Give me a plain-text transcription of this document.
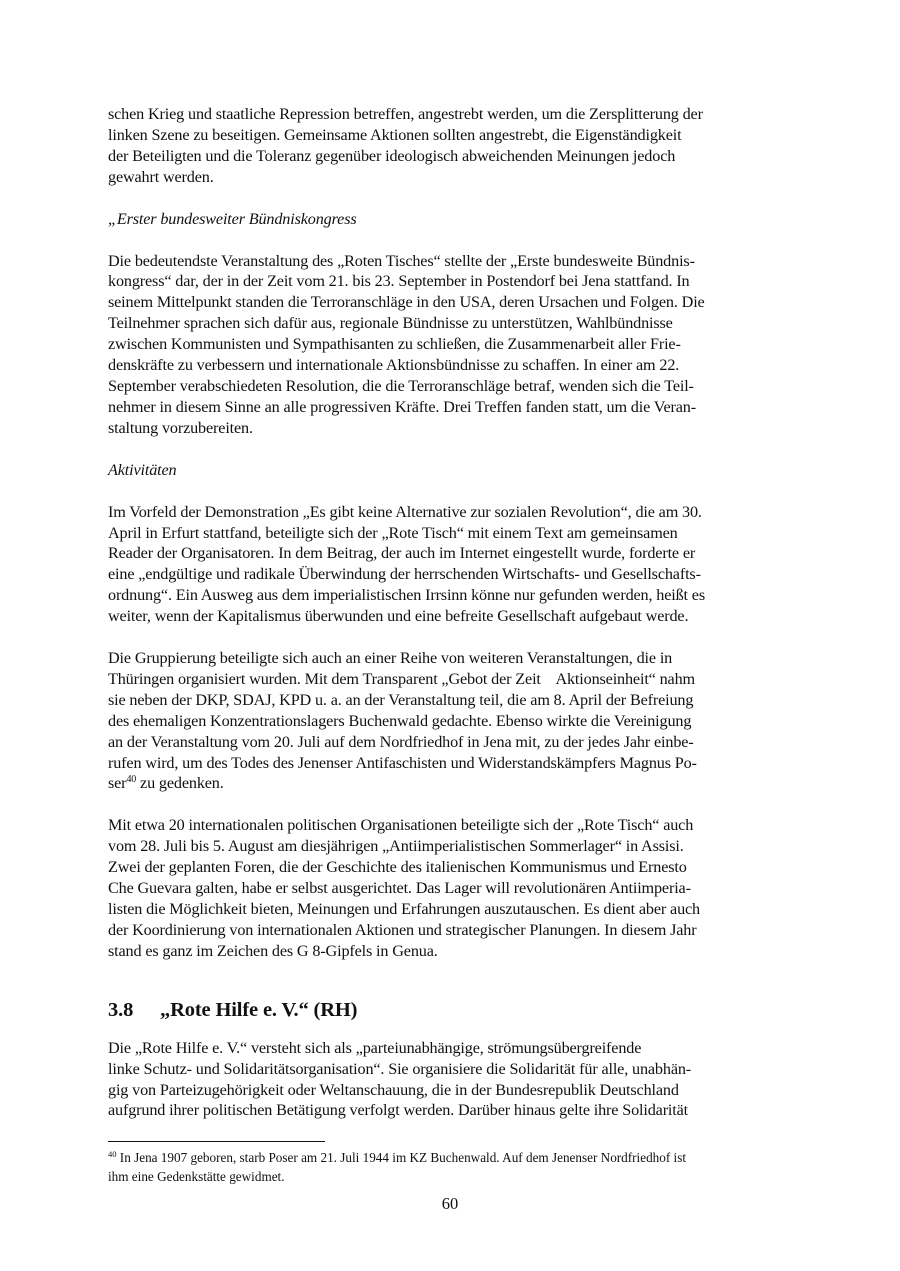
schen Krieg und staatliche Repression betreffen, angestrebt werden, um die Zersplitterung der
linken Szene zu beseitigen. Gemeinsame Aktionen sollten angestrebt, die Eigenständigkeit
der Beteiligten und die Toleranz gegenüber ideologisch abweichenden Meinungen jedoch
gewahrt werden.

„Erster bundesweiter Bündniskongress

Die bedeutendste Veranstaltung des „Roten Tisches“ stellte der „Erste bundesweite Bündnis-
kongress“ dar, der in der Zeit vom 21. bis 23. September in Postendorf bei Jena stattfand. In
seinem Mittelpunkt standen die Terroranschläge in den USA, deren Ursachen und Folgen. Die
Teilnehmer sprachen sich dafür aus, regionale Bündnisse zu unterstützen, Wahlbündnisse
zwischen Kommunisten und Sympathisanten zu schließen, die Zusammenarbeit aller Frie-
denskräfte zu verbessern und internationale Aktionsbündnisse zu schaffen. In einer am 22.
September verabschiedeten Resolution, die die Terroranschläge betraf, wenden sich die Teil-
nehmer in diesem Sinne an alle progressiven Kräfte. Drei Treffen fanden statt, um die Veran-
staltung vorzubereiten.

Aktivitäten

Im Vorfeld der Demonstration „Es gibt keine Alternative zur sozialen Revolution“, die am 30.
April in Erfurt stattfand, beteiligte sich der „Rote Tisch“ mit einem Text am gemeinsamen
Reader der Organisatoren. In dem Beitrag, der auch im Internet eingestellt wurde, forderte er
eine „endgültige und radikale Überwindung der herrschenden Wirtschafts- und Gesellschafts-
ordnung“. Ein Ausweg aus dem imperialistischen Irrsinn könne nur gefunden werden, heißt es
weiter, wenn der Kapitalismus überwunden und eine befreite Gesellschaft aufgebaut werde.

Die Gruppierung beteiligte sich auch an einer Reihe von weiteren Veranstaltungen, die in
Thüringen organisiert wurden. Mit dem Transparent „Gebot der Zeit    Aktionseinheit“ nahm
sie neben der DKP, SDAJ, KPD u. a. an der Veranstaltung teil, die am 8. April der Befreiung
des ehemaligen Konzentrationslagers Buchenwald gedachte. Ebenso wirkte die Vereinigung
an der Veranstaltung vom 20. Juli auf dem Nordfriedhof in Jena mit, zu der jedes Jahr einbe-
rufen wird, um des Todes des Jenenser Antifaschisten und Widerstandskämpfers Magnus Po-
ser$^{40}$ zu gedenken.

Mit etwa 20 internationalen politischen Organisationen beteiligte sich der „Rote Tisch“ auch
vom 28. Juli bis 5. August am diesjährigen „Antiimperialistischen Sommerlager“ in Assisi.
Zwei der geplanten Foren, die der Geschichte des italienischen Kommunismus und Ernesto
Che Guevara galten, habe er selbst ausgerichtet. Das Lager will revolutionären Antiimperia-
listen die Möglichkeit bieten, Meinungen und Erfahrungen auszutauschen. Es dient aber auch
der Koordinierung von internationalen Aktionen und strategischer Planungen. In diesem Jahr
stand es ganz im Zeichen des G 8-Gipfels in Genua.

3.8 „Rote Hilfe e. V.“ (RH)

Die „Rote Hilfe e. V.“ versteht sich als „parteiunabhängige, strömungsübergreifende
linke Schutz- und Solidaritätsorganisation“. Sie organisiere die Solidarität für alle, unabhän-
gig von Parteizugehörigkeit oder Weltanschauung, die in der Bundesrepublik Deutschland
aufgrund ihrer politischen Betätigung verfolgt werden. Darüber hinaus gelte ihre Solidarität

$^{40}$ In Jena 1907 geboren, starb Poser am 21. Juli 1944 im KZ Buchenwald. Auf dem Jenenser Nordfriedhof ist
ihm eine Gedenkstätte gewidmet.
60
